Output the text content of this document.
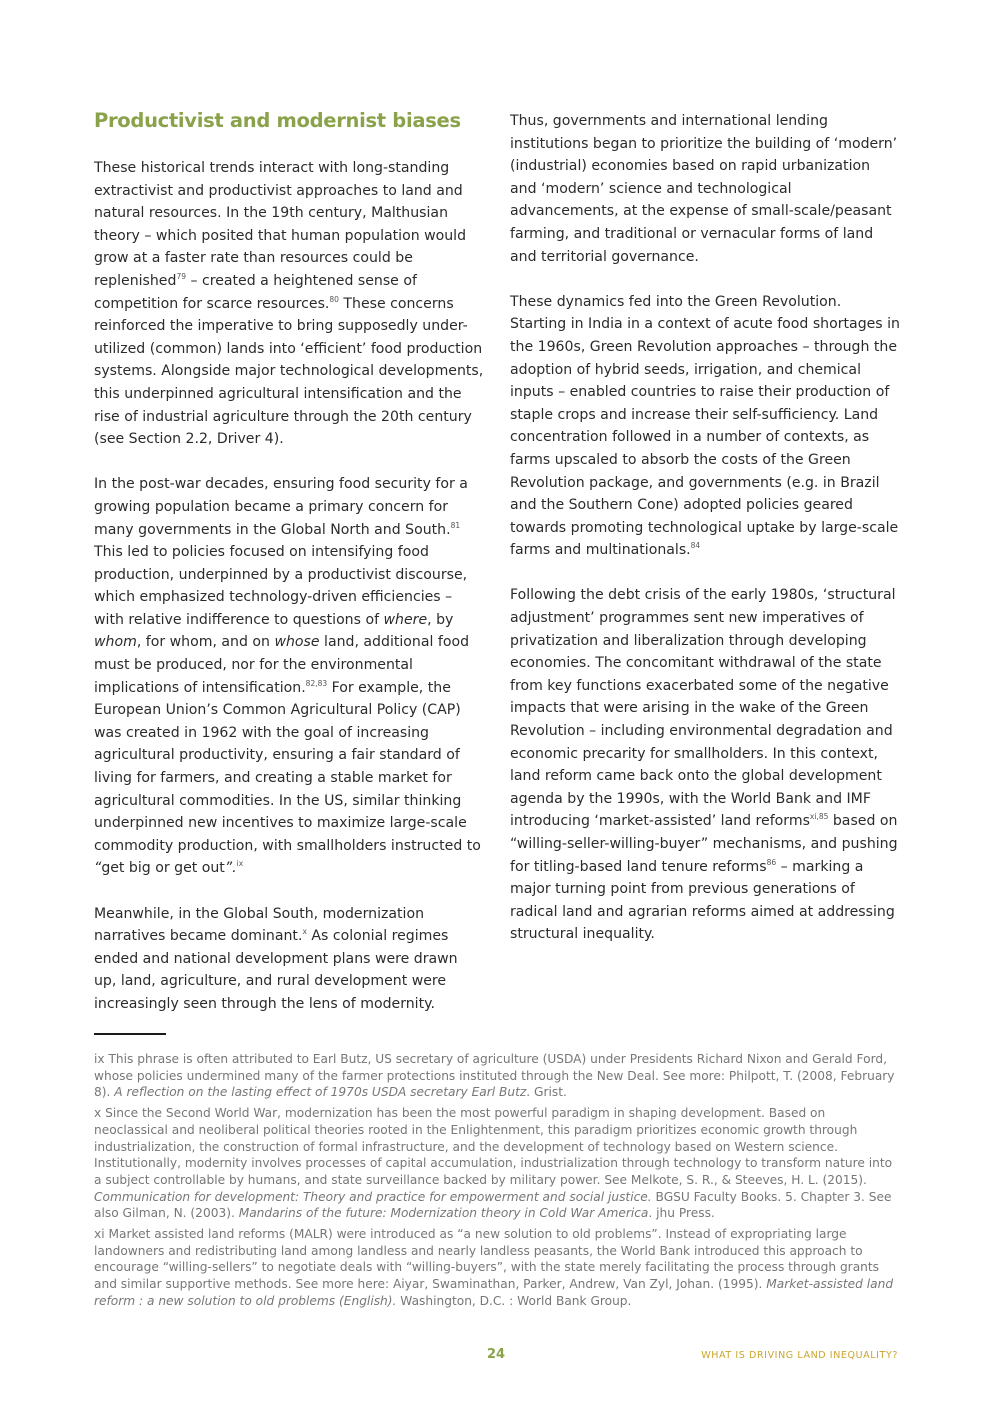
Productivist and modernist biases

These historical trends interact with long-standing extractivist and productivist approaches to land and natural resources. In the 19th century, Malthusian theory – which posited that human population would grow at a faster rate than resources could be replenished$^{79}$ – created a heightened sense of competition for scarce resources.$^{80}$ These concerns reinforced the imperative to bring supposedly under-utilized (common) lands into ‘efficient’ food production systems. Alongside major technological developments, this underpinned agricultural intensification and the rise of industrial agriculture through the 20th century (see Section 2.2, Driver 4).

In the post-war decades, ensuring food security for a growing population became a primary concern for many governments in the Global North and South.$^{81}$ This led to policies focused on intensifying food production, underpinned by a productivist discourse, which emphasized technology-driven efficiencies – with relative indifference to questions of where, by whom, for whom, and on whose land, additional food must be produced, nor for the environmental implications of intensification.$^{82,83}$ For example, the European Union’s Common Agricultural Policy (CAP) was created in 1962 with the goal of increasing agricultural productivity, ensuring a fair standard of living for farmers, and creating a stable market for agricultural commodities. In the US, similar thinking underpinned new incentives to maximize large-scale commodity production, with smallholders instructed to “get big or get out”.$^{ix}$

Meanwhile, in the Global South, modernization narratives became dominant.$^x$ As colonial regimes ended and national development plans were drawn up, land, agriculture, and rural development were increasingly seen through the lens of modernity.

Thus, governments and international lending institutions began to prioritize the building of ‘modern’ (industrial) economies based on rapid urbanization and ‘modern’ science and technological advancements, at the expense of small-scale/peasant farming, and traditional or vernacular forms of land and territorial governance.

These dynamics fed into the Green Revolution. Starting in India in a context of acute food shortages in the 1960s, Green Revolution approaches – through the adoption of hybrid seeds, irrigation, and chemical inputs – enabled countries to raise their production of staple crops and increase their self-sufficiency. Land concentration followed in a number of contexts, as farms upscaled to absorb the costs of the Green Revolution package, and governments (e.g. in Brazil and the Southern Cone) adopted policies geared towards promoting technological uptake by large-scale farms and multinationals.$^{84}$

Following the debt crisis of the early 1980s, ‘structural adjustment’ programmes sent new imperatives of privatization and liberalization through developing economies. The concomitant withdrawal of the state from key functions exacerbated some of the negative impacts that were arising in the wake of the Green Revolution – including environmental degradation and economic precarity for smallholders. In this context, land reform came back onto the global development agenda by the 1990s, with the World Bank and IMF introducing ‘market-assisted’ land reforms$^{xi,85}$ based on “willing-seller-willing-buyer” mechanisms, and pushing for titling-based land tenure reforms$^{86}$ – marking a major turning point from previous generations of radical land and agrarian reforms aimed at addressing structural inequality.

ix This phrase is often attributed to Earl Butz, US secretary of agriculture (USDA) under Presidents Richard Nixon and Gerald Ford, whose policies undermined many of the farmer protections instituted through the New Deal. See more: Philpott, T. (2008, February 8). A reflection on the lasting effect of 1970s USDA secretary Earl Butz. Grist.

x Since the Second World War, modernization has been the most powerful paradigm in shaping development. Based on neoclassical and neoliberal political theories rooted in the Enlightenment, this paradigm prioritizes economic growth through industrialization, the construction of formal infrastructure, and the development of technology based on Western science. Institutionally, modernity involves processes of capital accumulation, industrialization through technology to transform nature into a subject controllable by humans, and state surveillance backed by military power. See Melkote, S. R., & Steeves, H. L. (2015). Communication for development: Theory and practice for empowerment and social justice. BGSU Faculty Books. 5. Chapter 3. See also Gilman, N. (2003). Mandarins of the future: Modernization theory in Cold War America. jhu Press.

xi Market assisted land reforms (MALR) were introduced as “a new solution to old problems”. Instead of expropriating large landowners and redistributing land among landless and nearly landless peasants, the World Bank introduced this approach to encourage “willing-sellers” to negotiate deals with “willing-buyers”, with the state merely facilitating the process through grants and similar supportive methods. See more here: Aiyar, Swaminathan, Parker, Andrew, Van Zyl, Johan. (1995). Market-assisted land reform : a new solution to old problems (English). Washington, D.C. : World Bank Group.

24	WHAT IS DRIVING LAND INEQUALITY?
